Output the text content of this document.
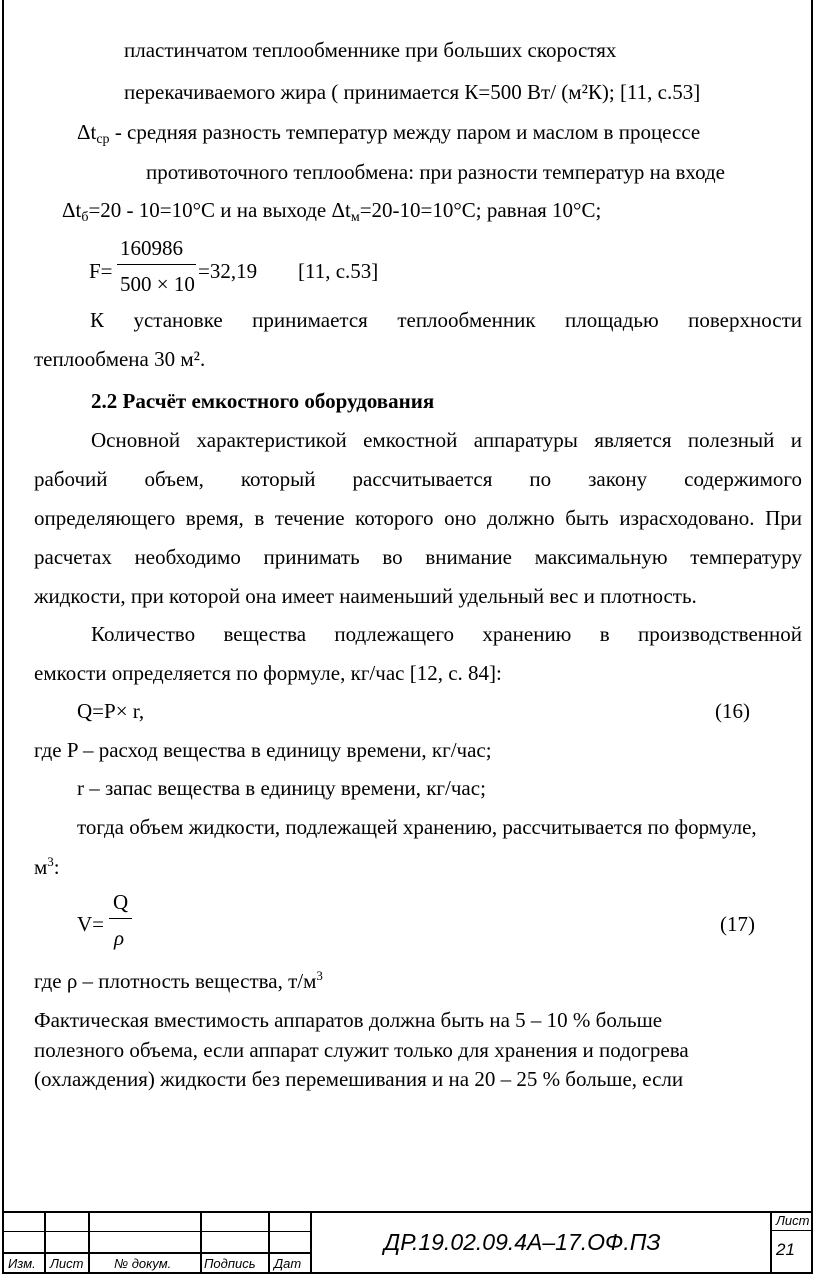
пластинчатом теплообменнике при больших скоростях
перекачиваемого жира ( принимается К=500 Вт/ (м²К); [11, с.53]
$\Delta t_{ср}$ - средняя разность температур между паром и маслом в процессе
противоточного теплообмена: при разности температур на входе
$\Delta t_б=20 - 10=10^\circ С$ и на выходе $\Delta t_м=20-10=10^\circ С$; равная 10°С;
F=
160986
500 × 10
=32,19 [11, с.53]
К установке принимается теплообменник площадью поверхности
теплообмена 30 м².
2.2 Расчёт емкостного оборудования
Основной характеристикой емкостной аппаратуры является полезный и
рабочий объем, который рассчитывается по закону содержимого
определяющего время, в течение которого оно должно быть израсходовано. При
расчетах необходимо принимать во внимание максимальную температуру
жидкости, при которой она имеет наименьший удельный вес и плотность.
Количество вещества подлежащего хранению в производственной
емкости определяется по формуле, кг/час [12, с. 84]:
Q=P× r,	(16)
где P – расход вещества в единицу времени, кг/час;
r – запас вещества в единицу времени, кг/час;
тогда объем жидкости, подлежащей хранению, рассчитывается по формуле,
$м^3$:
V=
Q
ρ
(17)
где ρ – плотность вещества, $т/м^3$
Фактическая вместимость аппаратов должна быть на 5 – 10 % больше
полезного объема, если аппарат служит только для хранения и подогрева
(охлаждения) жидкости без перемешивания и на 20 – 25 % больше, если
Изм. Лист № докум.	Подпись Дат
ДР.19.02.09.4А–17.ОФ.ПЗ
Лист
21
